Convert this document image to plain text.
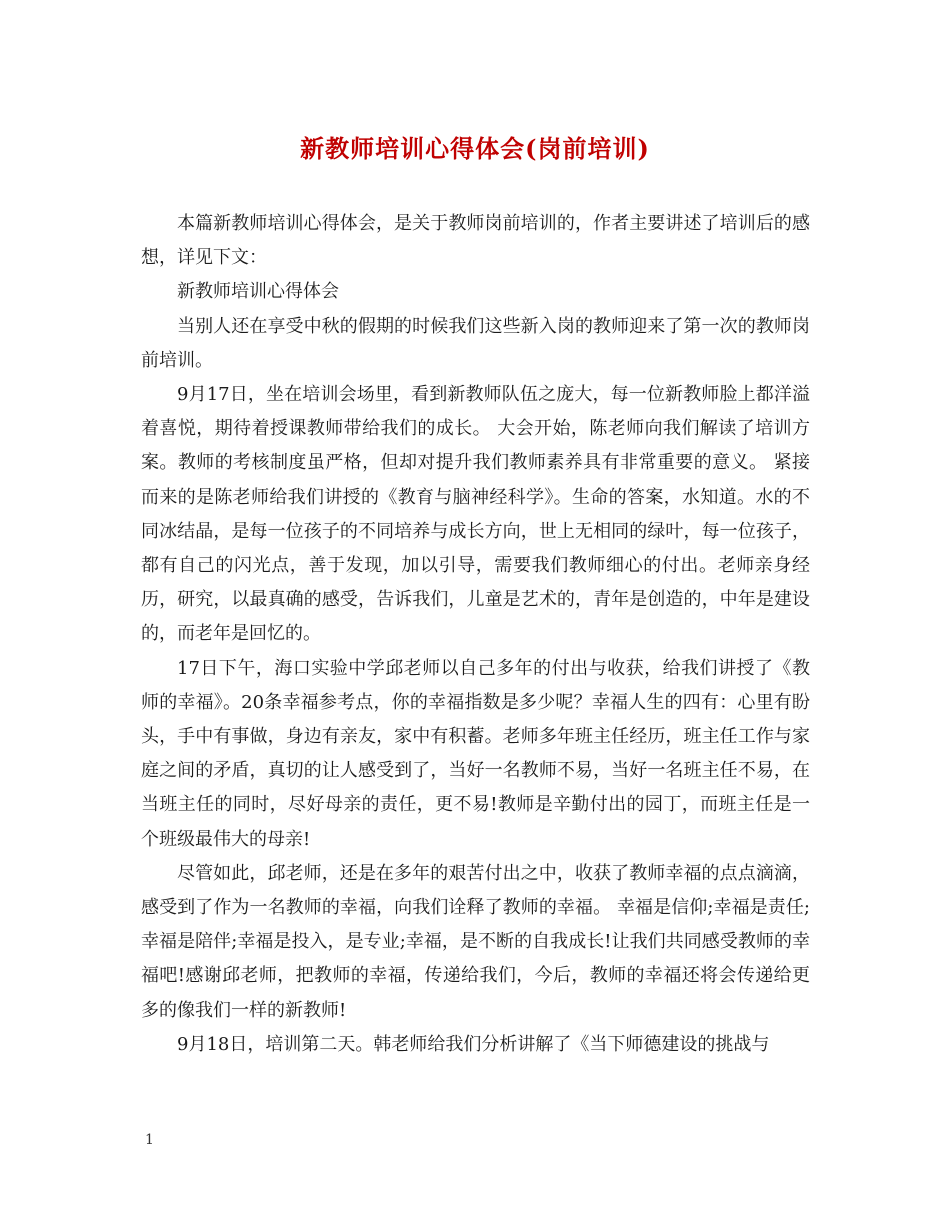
新教师培训心得体会(岗前培训)

本篇新教师培训心得体会，是关于教师岗前培训的，作者主要讲述了培训后的感想，详见下文：

新教师培训心得体会

当别人还在享受中秋的假期的时候我们这些新入岗的教师迎来了第一次的教师岗前培训。

9月17日，坐在培训会场里，看到新教师队伍之庞大，每一位新教师脸上都洋溢着喜悦，期待着授课教师带给我们的成长。 大会开始，陈老师向我们解读了培训方案。教师的考核制度虽严格，但却对提升我们教师素养具有非常重要的意义。 紧接而来的是陈老师给我们讲授的《教育与脑神经科学》。生命的答案，水知道。水的不同冰结晶，是每一位孩子的不同培养与成长方向，世上无相同的绿叶，每一位孩子，都有自己的闪光点，善于发现，加以引导，需要我们教师细心的付出。老师亲身经历，研究，以最真确的感受，告诉我们，儿童是艺术的，青年是创造的，中年是建设的，而老年是回忆的。

17日下午，海口实验中学邱老师以自己多年的付出与收获，给我们讲授了《教师的幸福》。20条幸福参考点，你的幸福指数是多少呢？幸福人生的四有：心里有盼头，手中有事做，身边有亲友，家中有积蓄。老师多年班主任经历，班主任工作与家庭之间的矛盾，真切的让人感受到了，当好一名教师不易，当好一名班主任不易，在当班主任的同时，尽好母亲的责任，更不易!教师是辛勤付出的园丁，而班主任是一个班级最伟大的母亲!

尽管如此，邱老师，还是在多年的艰苦付出之中，收获了教师幸福的点点滴滴，感受到了作为一名教师的幸福，向我们诠释了教师的幸福。 幸福是信仰;幸福是责任;幸福是陪伴;幸福是投入，是专业;幸福，是不断的自我成长!让我们共同感受教师的幸福吧!感谢邱老师，把教师的幸福，传递给我们，今后，教师的幸福还将会传递给更多的像我们一样的新教师!

9月18日，培训第二天。韩老师给我们分析讲解了《当下师德建设的挑战与

1
